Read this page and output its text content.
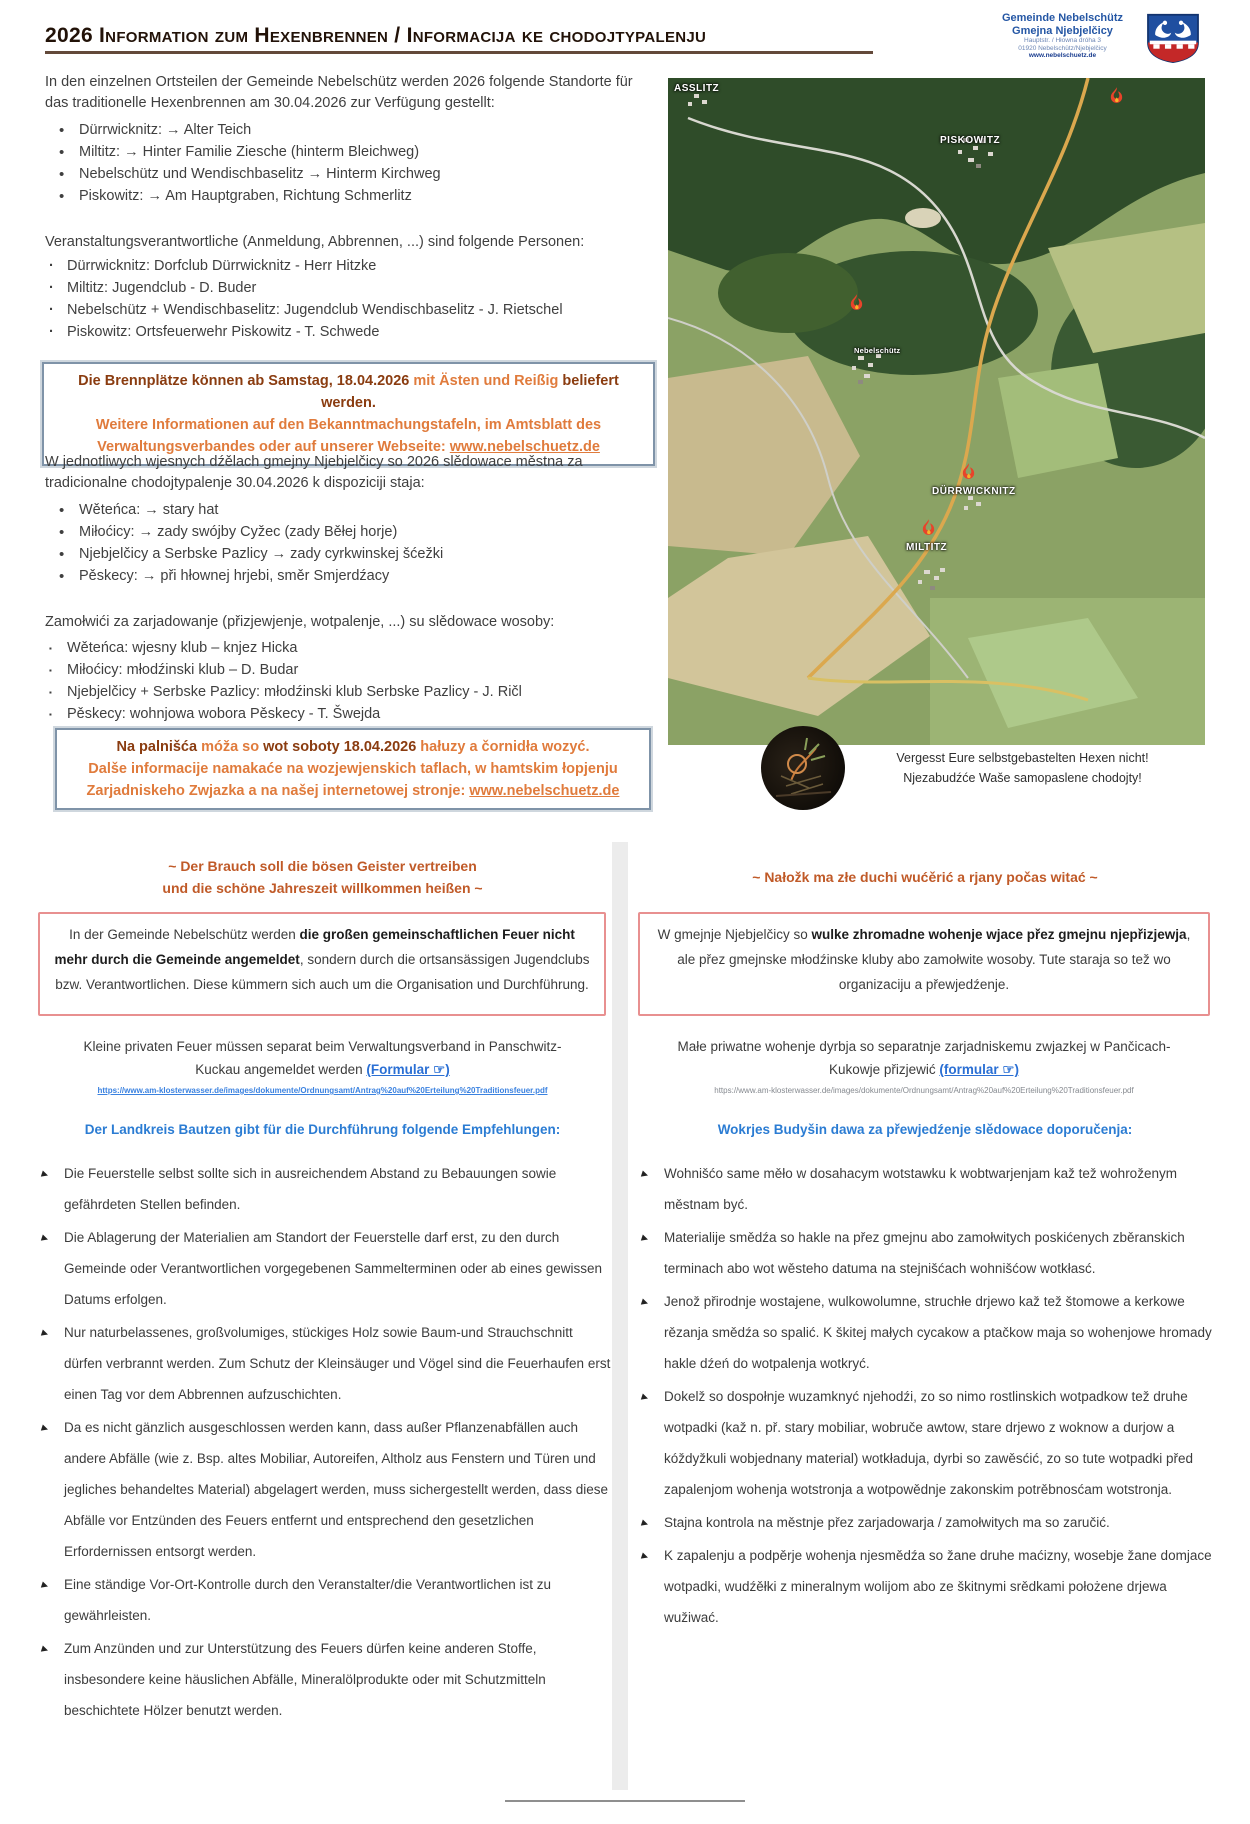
2026 Information zum Hexenbrennen / Informacija ke chodojtypalenju
Gemeinde Nebelschütz
Gmejna Njebjelčicy
Hauptstr. / Hłowna dróha 3
01920 Nebelschütz/Njebjelčicy
www.nebelschuetz.de

In den einzelnen Ortsteilen der Gemeinde Nebelschütz werden 2026 folgende Standorte für das traditionelle Hexenbrennen am 30.04.2026 zur Verfügung gestellt:

• Dürrwicknitz: → Alter Teich
• Miltitz: → Hinter Familie Ziesche (hinterm Bleichweg)
• Nebelschütz und Wendischbaselitz → Hinterm Kirchweg
• Piskowitz: → Am Hauptgraben, Richtung Schmerlitz

Veranstaltungsverantwortliche (Anmeldung, Abbrennen, ...) sind folgende Personen:

· Dürrwicknitz: Dorfclub Dürrwicknitz - Herr Hitzke
· Miltitz: Jugendclub - D. Buder
· Nebelschütz + Wendischbaselitz: Jugendclub Wendischbaselitz - J. Rietschel
· Piskowitz: Ortsfeuerwehr Piskowitz - T. Schwede
Die Brennplätze können ab Samstag, 18.04.2026 mit Ästen und Reißig beliefert werden.
Weitere Informationen auf den Bekanntmachungstafeln, im Amtsblatt des Verwaltungsverbandes oder auf unserer Webseite: www.nebelschuetz.de

W jednotliwych wjesnych dźělach gmejny Njebjelčicy so 2026 slědowace městna za tradicionalne chodojtypalenje 30.04.2026 k dispoziciji staja:

• Wěteńca: → stary hat
• Miłoćicy: → zady swójby Cyžec (zady Běłej horje)
• Njebjelčicy a Serbske Pazlicy → zady cyrkwinskej šćežki
• Pěskecy: → při hłownej hrjebi, směr Smjerdźacy

Zamołwići za zarjadowanje (přizjewjenje, wotpalenje, ...) su slědowace wosoby:

▪ Wěteńca: wjesny klub – knjez Hicka
▪ Miłoćicy: młodźinski klub – D. Budar
▪ Njebjelčicy + Serbske Pazlicy: młodźinski klub Serbske Pazlicy - J. Ričl
▪ Pěskecy: wohnjowa wobora Pěskecy - T. Šwejda
Na palnišća móža so wot soboty 18.04.2026 hałuzy a čornidła wozyć.
Dalše informacije namakaće na wozjewjenskich taflach, w hamtskim łopjenju Zarjadniskeho Zwjazka a na našej internetowej stronje: www.nebelschuetz.de
ASSLITZ
PISKOWITZ
Nebelschütz
DÜRRWICKNITZ
MILTITZ
Vergesst Eure selbstgebastelten Hexen nicht!
Njezabudźće Waše samopaslene chodojty!
~ Der Brauch soll die bösen Geister vertreiben
und die schöne Jahreszeit willkommen heißen ~
In der Gemeinde Nebelschütz werden die großen gemeinschaftlichen Feuer nicht mehr durch die Gemeinde angemeldet, sondern durch die ortsansässigen Jugendclubs bzw. Verantwortlichen. Diese kümmern sich auch um die Organisation und Durchführung.
Kleine privaten Feuer müssen separat beim Verwaltungsverband in Panschwitz-Kuckau angemeldet werden (Formular ☞)
https://www.am-klosterwasser.de/images/dokumente/Ordnungsamt/Antrag%20auf%20Erteilung%20Traditionsfeuer.pdf
Der Landkreis Bautzen gibt für die Durchführung folgende Empfehlungen:
▸ Die Feuerstelle selbst sollte sich in ausreichendem Abstand zu Bebauungen sowie gefährdeten Stellen befinden.
▸ Die Ablagerung der Materialien am Standort der Feuerstelle darf erst, zu den durch Gemeinde oder Verantwortlichen vorgegebenen Sammelterminen oder ab eines gewissen Datums erfolgen.
▸ Nur naturbelassenes, großvolumiges, stückiges Holz sowie Baum-und Strauchschnitt dürfen verbrannt werden. Zum Schutz der Kleinsäuger und Vögel sind die Feuerhaufen erst einen Tag vor dem Abbrennen aufzuschichten.
▸ Da es nicht gänzlich ausgeschlossen werden kann, dass außer Pflanzenabfällen auch andere Abfälle (wie z. Bsp. altes Mobiliar, Autoreifen, Altholz aus Fenstern und Türen und jegliches behandeltes Material) abgelagert werden, muss sichergestellt werden, dass diese Abfälle vor Entzünden des Feuers entfernt und entsprechend den gesetzlichen Erfordernissen entsorgt werden.
▸ Eine ständige Vor-Ort-Kontrolle durch den Veranstalter/die Verantwortlichen ist zu gewährleisten.
▸ Zum Anzünden und zur Unterstützung des Feuers dürfen keine anderen Stoffe, insbesondere keine häuslichen Abfälle, Mineralölprodukte oder mit Schutzmitteln beschichtete Hölzer benutzt werden.
~ Nałožk ma złe duchi wućěrić a rjany počas witać ~
W gmejnje Njebjelčicy so wulke zhromadne wohenje wjace přez gmejnu njepřizjewja, ale přez gmejnske młodźinske kluby abo zamołwite wosoby. Tute staraja so tež wo organizaciju a přewjedźenje.
Małe priwatne wohenje dyrbja so separatnje zarjadniskemu zwjazkej w Pančicach-Kukowje přizjewić (formular ☞)
https://www.am-klosterwasser.de/images/dokumente/Ordnungsamt/Antrag%20auf%20Erteilung%20Traditionsfeuer.pdf
Wokrjes Budyšin dawa za přewjedźenje slědowace doporučenja:
▸ Wohnišćo same měło w dosahacym wotstawku k wobtwarjenjam kaž tež wohroženym městnam być.
▸ Materialije smědźa so hakle na přez gmejnu abo zamołwitych poskićenych zběranskich terminach abo wot wěsteho datuma na stejnišćach wohnišćow wotkłasć.
▸ Jenož přirodnje wostajene, wulkowolumne, struchłe drjewo kaž tež štomowe a kerkowe rězanja smědźa so spalić. K škitej małych cycakow a ptačkow maja so wohenjowe hromady hakle dźeń do wotpalenja wotkryć.
▸ Dokelž so dospołnje wuzamknyć njehodźi, zo so nimo rostlinskich wotpadkow tež druhe wotpadki (kaž n. př. stary mobiliar, wobruče awtow, stare drjewo z woknow a durjow a kóždyžkuli wobjednany material) wotkładuja, dyrbi so zawěsćić, zo so tute wotpadki před zapalenjom wohenja wotstronja a wotpowědnje zakonskim potrěbnosćam wotstronja.
▸ Stajna kontrola na městnje přez zarjadowarja / zamołwitych ma so zaručić.
▸ K zapalenju a podpěrje wohenja njesmědźa so žane druhe maćizny, wosebje žane domjace wotpadki, wudźěłki z mineralnym wolijom abo ze škitnymi srědkami położene drjewa wužiwać.
